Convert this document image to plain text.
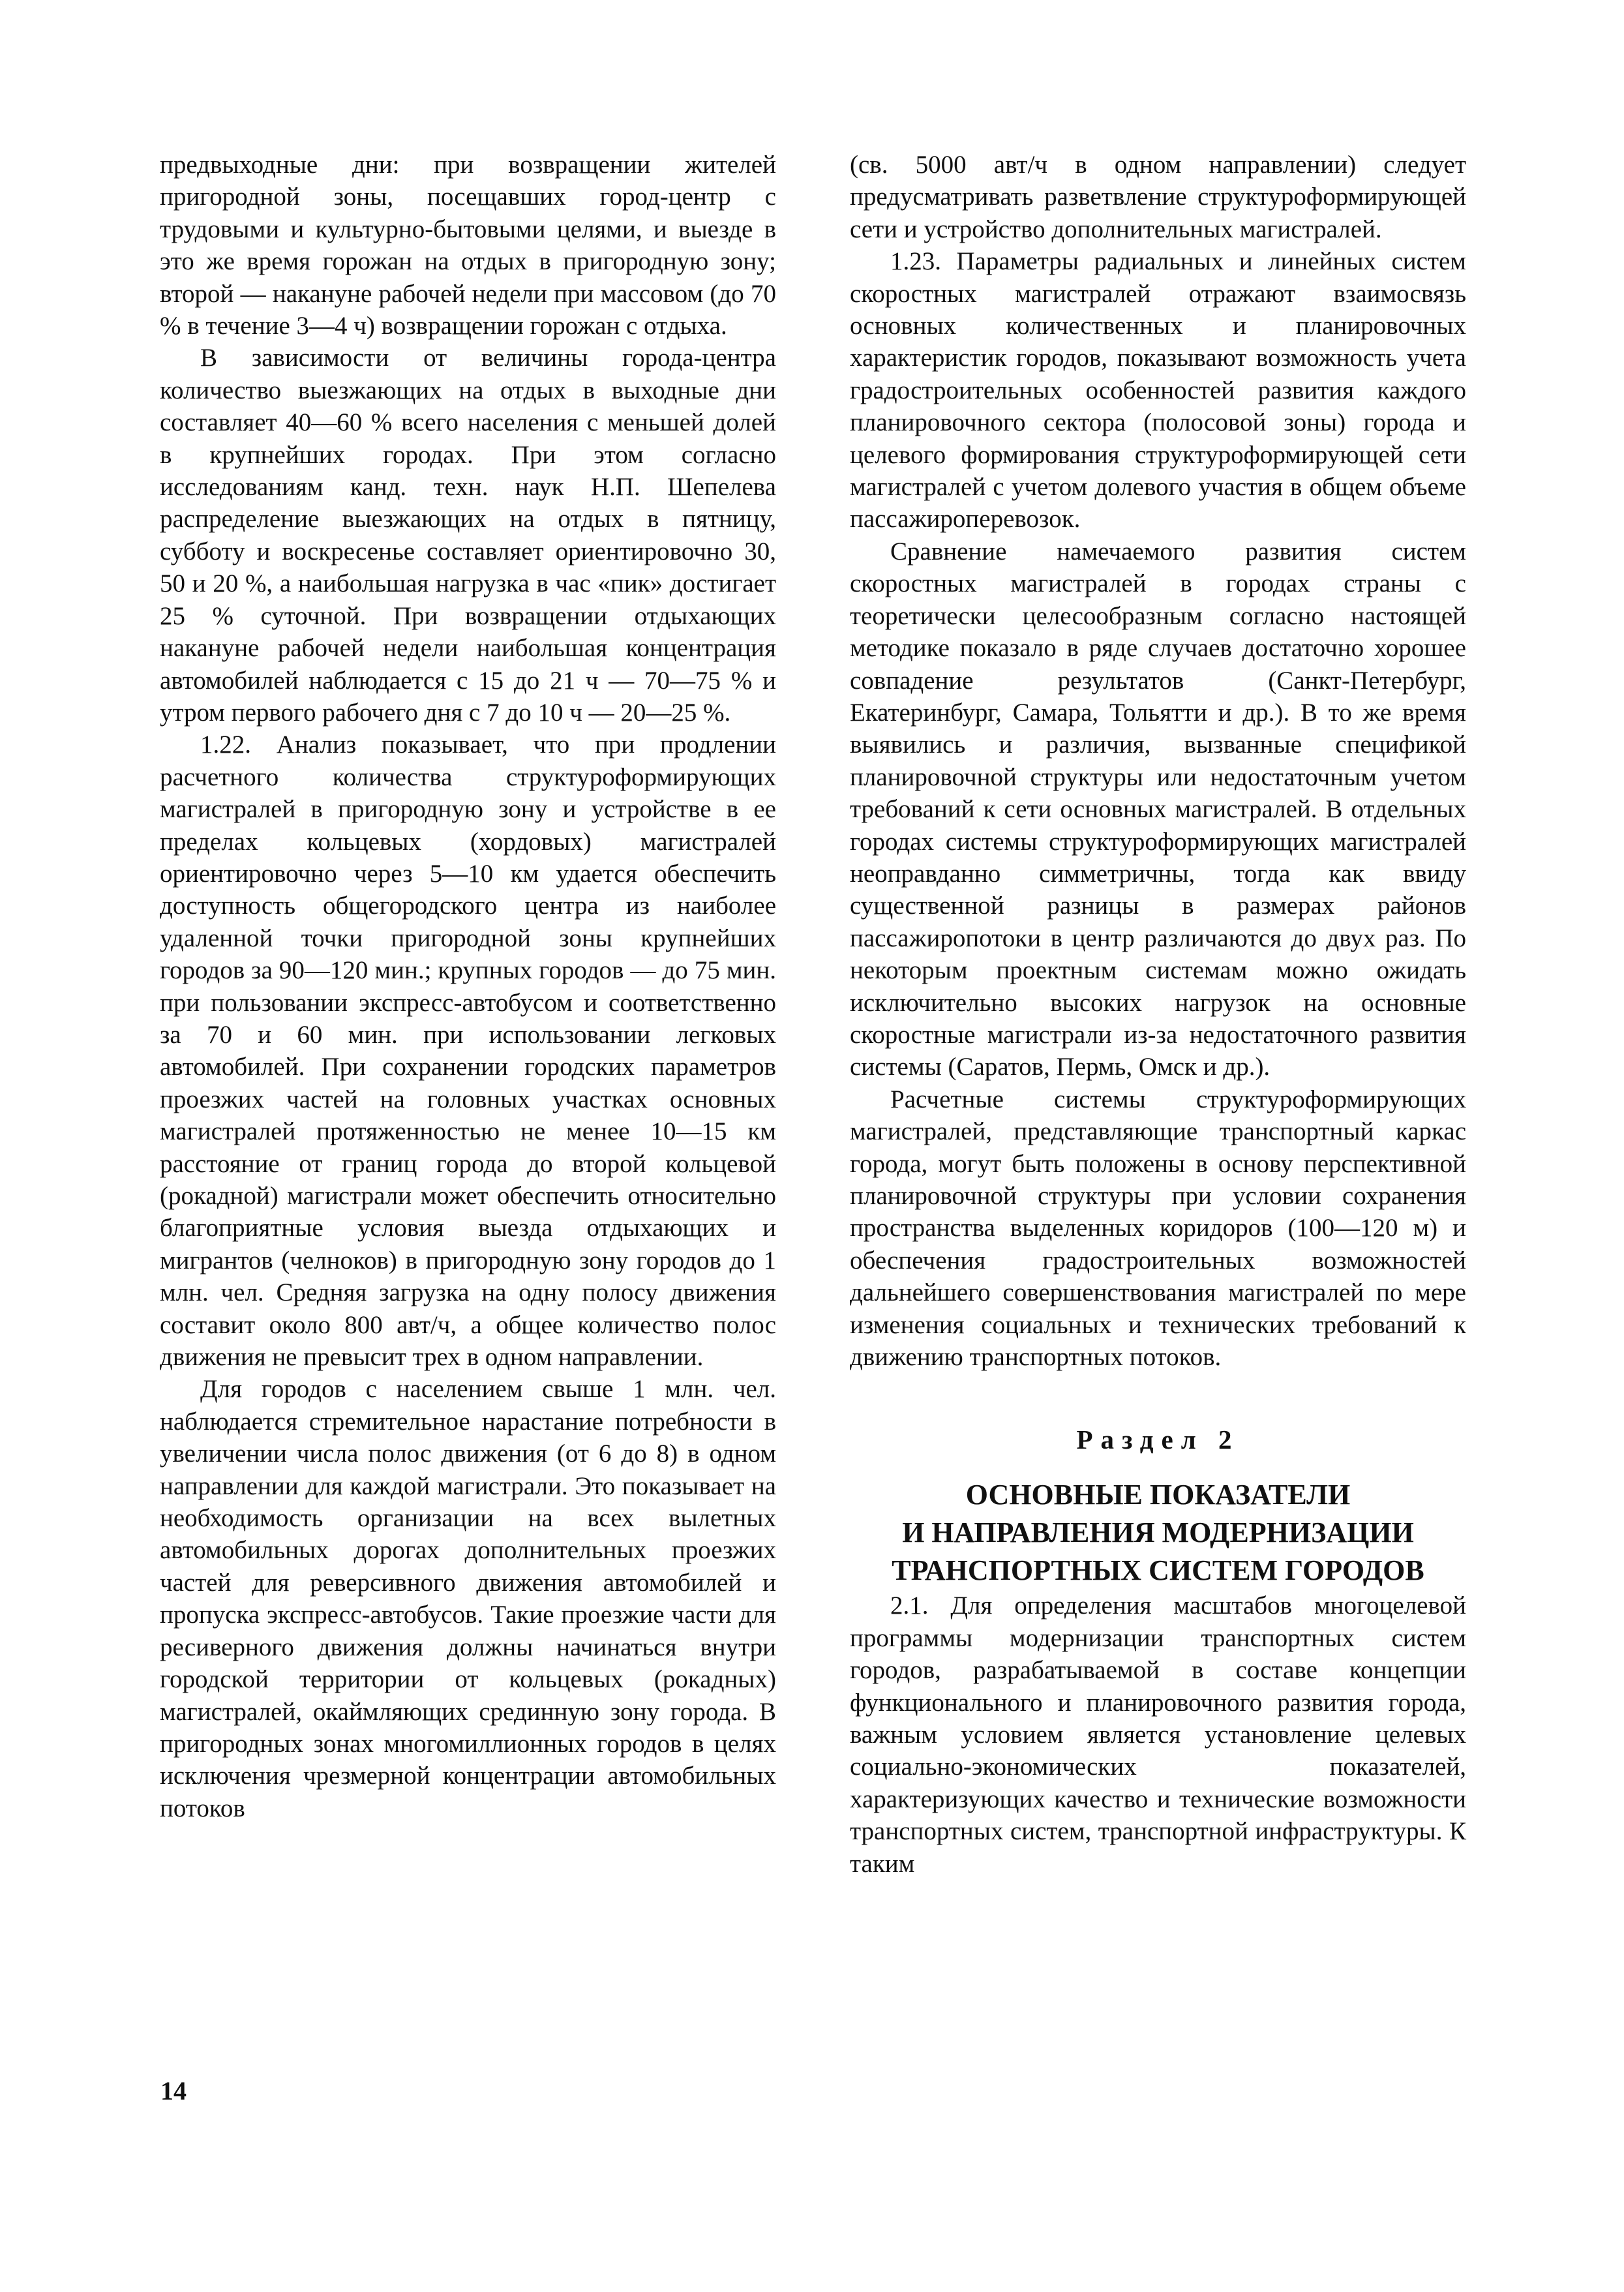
предвыходные дни: при возвращении жителей пригородной зоны, посещавших город-центр с трудовыми и культурно-бытовыми целями, и выезде в это же время горожан на отдых в пригородную зону; второй — накануне рабочей недели при массовом (до 70 % в течение 3—4 ч) возвращении горожан с отдыха.

В зависимости от величины города-центра количество выезжающих на отдых в выходные дни составляет 40—60 % всего населения с меньшей долей в крупнейших городах. При этом согласно исследованиям канд. техн. наук Н.П. Шепелева распределение выезжающих на отдых в пятницу, субботу и воскресенье составляет ориентировочно 30, 50 и 20 %, а наибольшая нагрузка в час «пик» достигает 25 % суточной. При возвращении отдыхающих накануне рабочей недели наибольшая концентрация автомобилей наблюдается с 15 до 21 ч — 70—75 % и утром первого рабочего дня с 7 до 10 ч — 20—25 %.

1.22. Анализ показывает, что при продлении расчетного количества структуроформирующих магистралей в пригородную зону и устройстве в ее пределах кольцевых (хордовых) магистралей ориентировочно через 5—10 км удается обеспечить доступность общегородского центра из наиболее удаленной точки пригородной зоны крупнейших городов за 90—120 мин.; крупных городов — до 75 мин. при пользовании экспресс-автобусом и соответственно за 70 и 60 мин. при использовании легковых автомобилей. При сохранении городских параметров проезжих частей на головных участках основных магистралей протяженностью не менее 10—15 км расстояние от границ города до второй кольцевой (рокадной) магистрали может обеспечить относительно благоприятные условия выезда отдыхающих и мигрантов (челноков) в пригородную зону городов до 1 млн. чел. Средняя загрузка на одну полосу движения составит около 800 авт/ч, а общее количество полос движения не превысит трех в одном направлении.

Для городов с населением свыше 1 млн. чел. наблюдается стремительное нарастание потребности в увеличении числа полос движения (от 6 до 8) в одном направлении для каждой магистрали. Это показывает на необходимость организации на всех вылетных автомобильных дорогах дополнительных проезжих частей для реверсивного движения автомобилей и пропуска экспресс-автобусов. Такие проезжие части для ресиверного движения должны начинаться внутри городской территории от кольцевых (рокадных) магистралей, окаймляющих срединную зону города. В пригородных зонах многомиллионных городов в целях исключения чрезмерной концентрации автомобильных потоков

(св. 5000 авт/ч в одном направлении) следует предусматривать разветвление структуроформирующей сети и устройство дополнительных магистралей.

1.23. Параметры радиальных и линейных систем скоростных магистралей отражают взаимосвязь основных количественных и планировочных характеристик городов, показывают возможность учета градостроительных особенностей развития каждого планировочного сектора (полосовой зоны) города и целевого формирования структуроформирующей сети магистралей с учетом долевого участия в общем объеме пассажироперевозок.

Сравнение намечаемого развития систем скоростных магистралей в городах страны с теоретически целесообразным согласно настоящей методике показало в ряде случаев достаточно хорошее совпадение результатов (Санкт-Петербург, Екатеринбург, Самара, Тольятти и др.). В то же время выявились и различия, вызванные спецификой планировочной структуры или недостаточным учетом требований к сети основных магистралей. В отдельных городах системы структуроформирующих магистралей неоправданно симметричны, тогда как ввиду существенной разницы в размерах районов пассажиропотоки в центр различаются до двух раз. По некоторым проектным системам можно ожидать исключительно высоких нагрузок на основные скоростные магистрали из-за недостаточного развития системы (Саратов, Пермь, Омск и др.).

Расчетные системы структуроформирующих магистралей, представляющие транспортный каркас города, могут быть положены в основу перспективной планировочной структуры при условии сохранения пространства выделенных коридоров (100—120 м) и обеспечения градостроительных возможностей дальнейшего совершенствования магистралей по мере изменения социальных и технических требований к движению транспортных потоков.

Раздел 2
ОСНОВНЫЕ ПОКАЗАТЕЛИ
И НАПРАВЛЕНИЯ МОДЕРНИЗАЦИИ
ТРАНСПОРТНЫХ СИСТЕМ ГОРОДОВ

2.1. Для определения масштабов многоцелевой программы модернизации транспортных систем городов, разрабатываемой в составе концепции функционального и планировочного развития города, важным условием является установление целевых социально-экономических показателей, характеризующих качество и технические возможности транспортных систем, транспортной инфраструктуры. К таким

14
